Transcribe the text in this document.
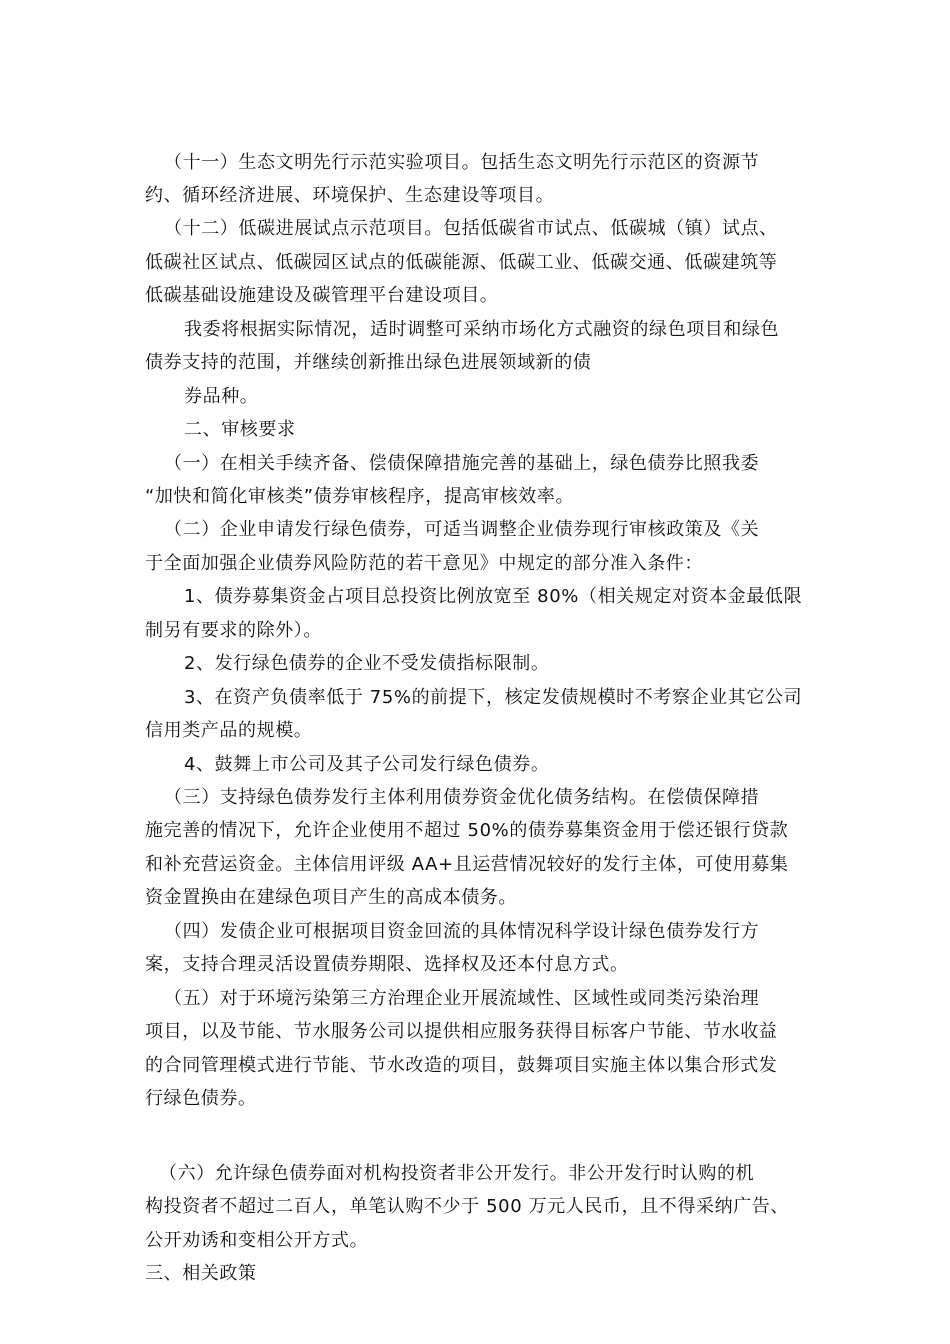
（十一）生态文明先行示范实验项目。包括生态文明先行示范区的资源节
约、循环经济进展、环境保护、生态建设等项目。
（十二）低碳进展试点示范项目。包括低碳省市试点、低碳城（镇）试点、
低碳社区试点、低碳园区试点的低碳能源、低碳工业、低碳交通、低碳建筑等
低碳基础设施建设及碳管理平台建设项目。
我委将根据实际情况，适时调整可采纳市场化方式融资的绿色项目和绿色
债券支持的范围，并继续创新推出绿色进展领域新的债
券品种。
二、审核要求
（一）在相关手续齐备、偿债保障措施完善的基础上，绿色债券比照我委
“加快和简化审核类”债券审核程序，提高审核效率。
（二）企业申请发行绿色债券，可适当调整企业债券现行审核政策及《关
于全面加强企业债券风险防范的若干意见》中规定的部分准入条件：
1、债券募集资金占项目总投资比例放宽至 80%（相关规定对资本金最低限
制另有要求的除外）。
2、发行绿色债券的企业不受发债指标限制。
3、在资产负债率低于 75%的前提下，核定发债规模时不考察企业其它公司
信用类产品的规模。
4、鼓舞上市公司及其子公司发行绿色债券。
（三）支持绿色债券发行主体利用债券资金优化债务结构。在偿债保障措
施完善的情况下，允许企业使用不超过 50%的债券募集资金用于偿还银行贷款
和补充营运资金。主体信用评级 AA+且运营情况较好的发行主体，可使用募集
资金置换由在建绿色项目产生的高成本债务。
（四）发债企业可根据项目资金回流的具体情况科学设计绿色债券发行方
案，支持合理灵活设置债券期限、选择权及还本付息方式。
（五）对于环境污染第三方治理企业开展流域性、区域性或同类污染治理
项目，以及节能、节水服务公司以提供相应服务获得目标客户节能、节水收益
的合同管理模式进行节能、节水改造的项目，鼓舞项目实施主体以集合形式发
行绿色债券。
（六）允许绿色债券面对机构投资者非公开发行。非公开发行时认购的机
构投资者不超过二百人，单笔认购不少于 500 万元人民币，且不得采纳广告、
公开劝诱和变相公开方式。
三、相关政策
